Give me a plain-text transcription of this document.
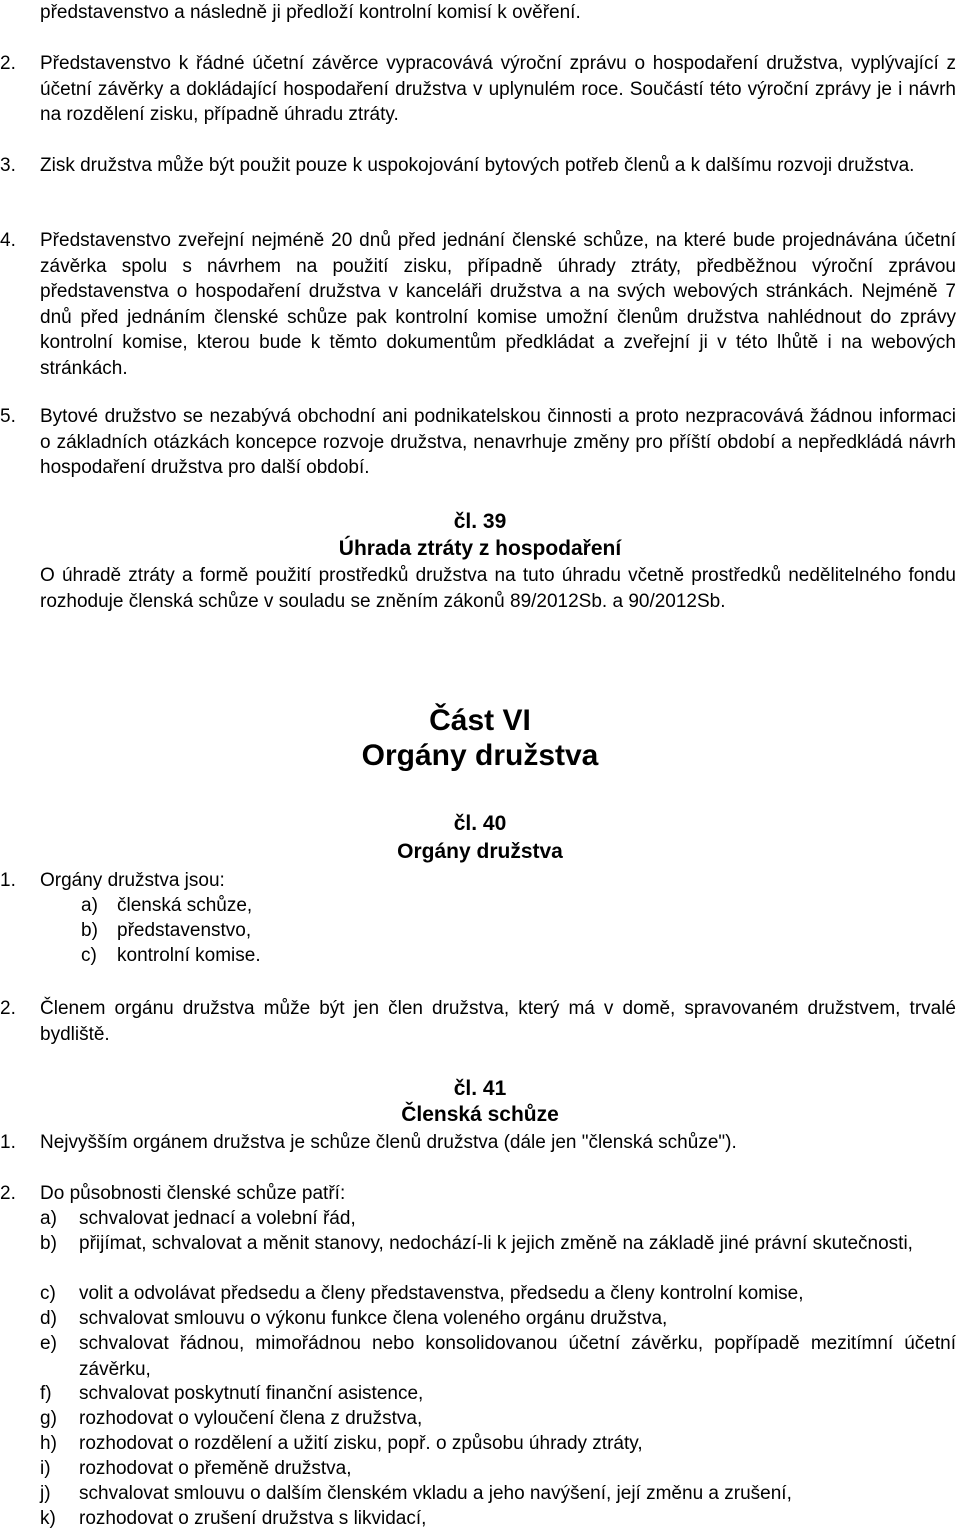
představenstvo a následně ji předloží kontrolní komisí k ověření.
2. Představenstvo k řádné účetní závěrce vypracovává výroční zprávu o hospodaření družstva, vyplývající z účetní závěrky a dokládající hospodaření družstva v uplynulém roce. Součástí této výroční zprávy je i návrh na rozdělení zisku, případně úhradu ztráty.
3. Zisk družstva může být použit pouze k uspokojování bytových potřeb členů a k dalšímu rozvoji družstva.
4. Představenstvo zveřejní nejméně 20 dnů před jednání členské schůze, na které bude projednávána účetní závěrka spolu s návrhem na použití zisku, případně úhrady ztráty, předběžnou výroční zprávou představenstva o hospodaření družstva v kanceláři družstva a na svých webových stránkách. Nejméně 7 dnů před jednáním členské schůze pak kontrolní komise umožní členům družstva nahlédnout do zprávy kontrolní komise, kterou bude k těmto dokumentům předkládat a zveřejní ji v této lhůtě i na webových stránkách.
5. Bytové družstvo se nezabývá obchodní ani podnikatelskou činnosti a proto nezpracovává žádnou informaci o základních otázkách koncepce rozvoje družstva, nenavrhuje změny pro příští období a nepředkládá návrh hospodaření družstva pro další období.
čl. 39
Úhrada ztráty z hospodaření
O úhradě ztráty a formě použití prostředků družstva na tuto úhradu včetně prostředků nedělitelného fondu rozhoduje členská schůze v souladu se zněním zákonů 89/2012Sb. a 90/2012Sb.
Část VI
Orgány družstva
čl. 40
Orgány družstva
1. Orgány družstva jsou:
a) členská schůze,
b) představenstvo,
c) kontrolní komise.
2. Členem orgánu družstva může být jen člen družstva, který má v domě, spravovaném družstvem, trvalé bydliště.
čl. 41
Členská schůze
1. Nejvyšším orgánem družstva je schůze členů družstva (dále jen "členská schůze").
2. Do působnosti členské schůze patří:
a) schvalovat jednací a volební řád,
b) přijímat, schvalovat a měnit stanovy, nedochází-li k jejich změně na základě jiné právní skutečnosti,
c) volit a odvolávat předsedu a členy představenstva, předsedu a členy kontrolní komise,
d) schvalovat smlouvu o výkonu funkce člena voleného orgánu družstva,
e) schvalovat řádnou, mimořádnou nebo konsolidovanou účetní závěrku, popřípadě mezitímní účetní závěrku,
f) schvalovat poskytnutí finanční asistence,
g) rozhodovat o vyloučení člena z družstva,
h) rozhodovat o rozdělení a užití zisku, popř. o způsobu úhrady ztráty,
i) rozhodovat o přeměně družstva,
j) schvalovat smlouvu o dalším členském vkladu a jeho navýšení, její změnu a zrušení,
k) rozhodovat o zrušení družstva s likvidací,
